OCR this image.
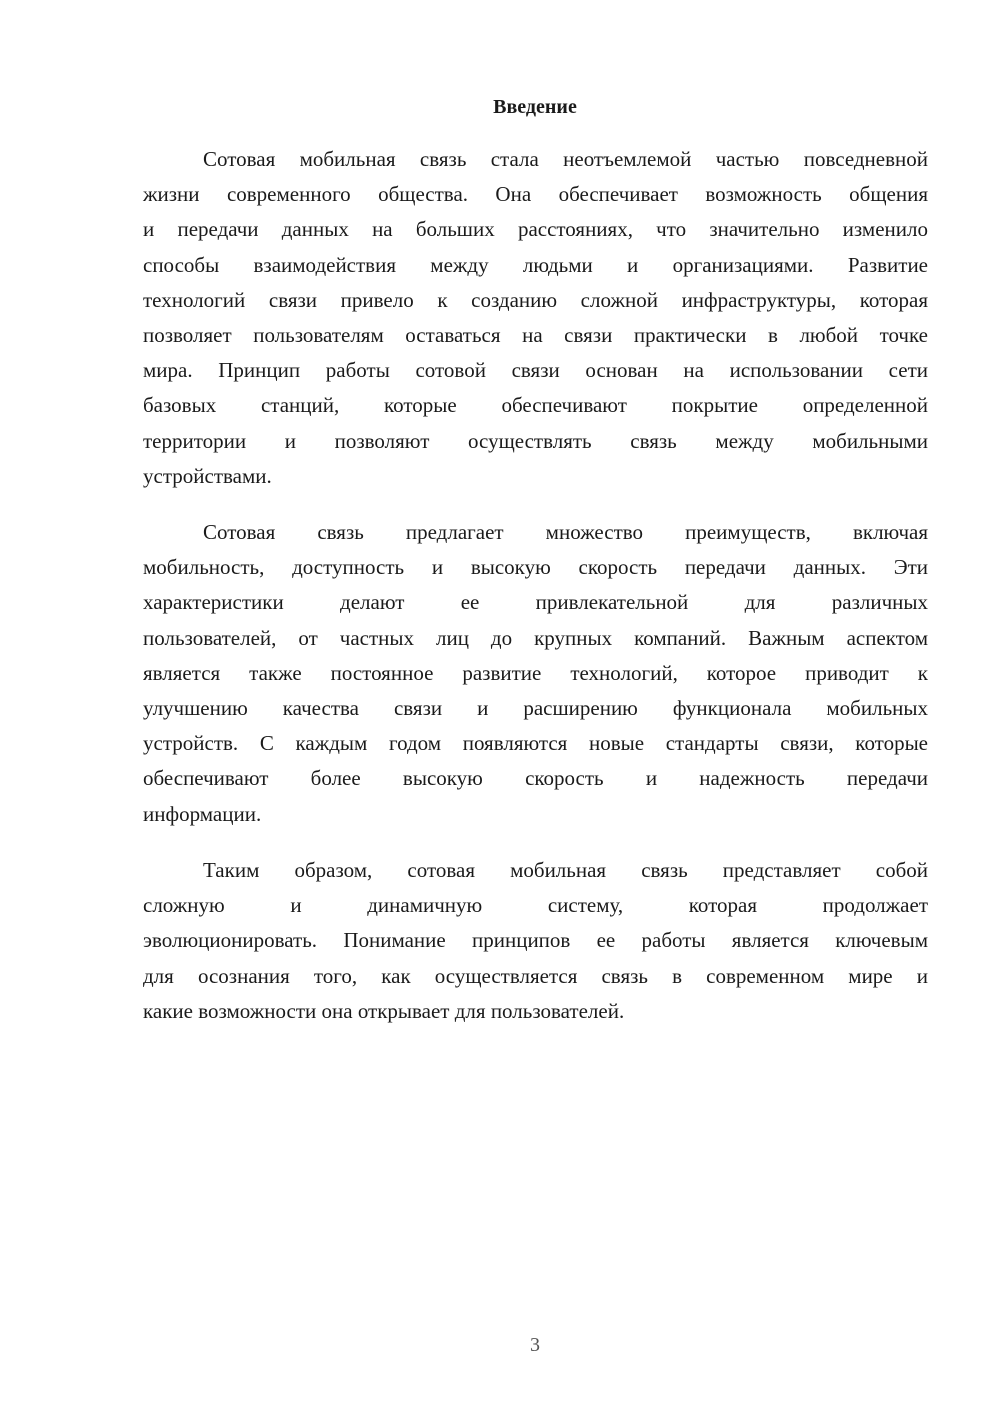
Введение
Сотовая мобильная связь стала неотъемлемой частью повседневной
жизни современного общества. Она обеспечивает возможность общения
и передачи данных на больших расстояниях, что значительно изменило
способы взаимодействия между людьми и организациями. Развитие
технологий связи привело к созданию сложной инфраструктуры, которая
позволяет пользователям оставаться на связи практически в любой точке
мира. Принцип работы сотовой связи основан на использовании сети
базовых станций, которые обеспечивают покрытие определенной
территории и позволяют осуществлять связь между мобильными
устройствами.
Сотовая связь предлагает множество преимуществ, включая
мобильность, доступность и высокую скорость передачи данных. Эти
характеристики делают ее привлекательной для различных
пользователей, от частных лиц до крупных компаний. Важным аспектом
является также постоянное развитие технологий, которое приводит к
улучшению качества связи и расширению функционала мобильных
устройств. С каждым годом появляются новые стандарты связи, которые
обеспечивают более высокую скорость и надежность передачи
информации.
Таким образом, сотовая мобильная связь представляет собой
сложную и динамичную систему, которая продолжает
эволюционировать. Понимание принципов ее работы является ключевым
для осознания того, как осуществляется связь в современном мире и
какие возможности она открывает для пользователей.
3
